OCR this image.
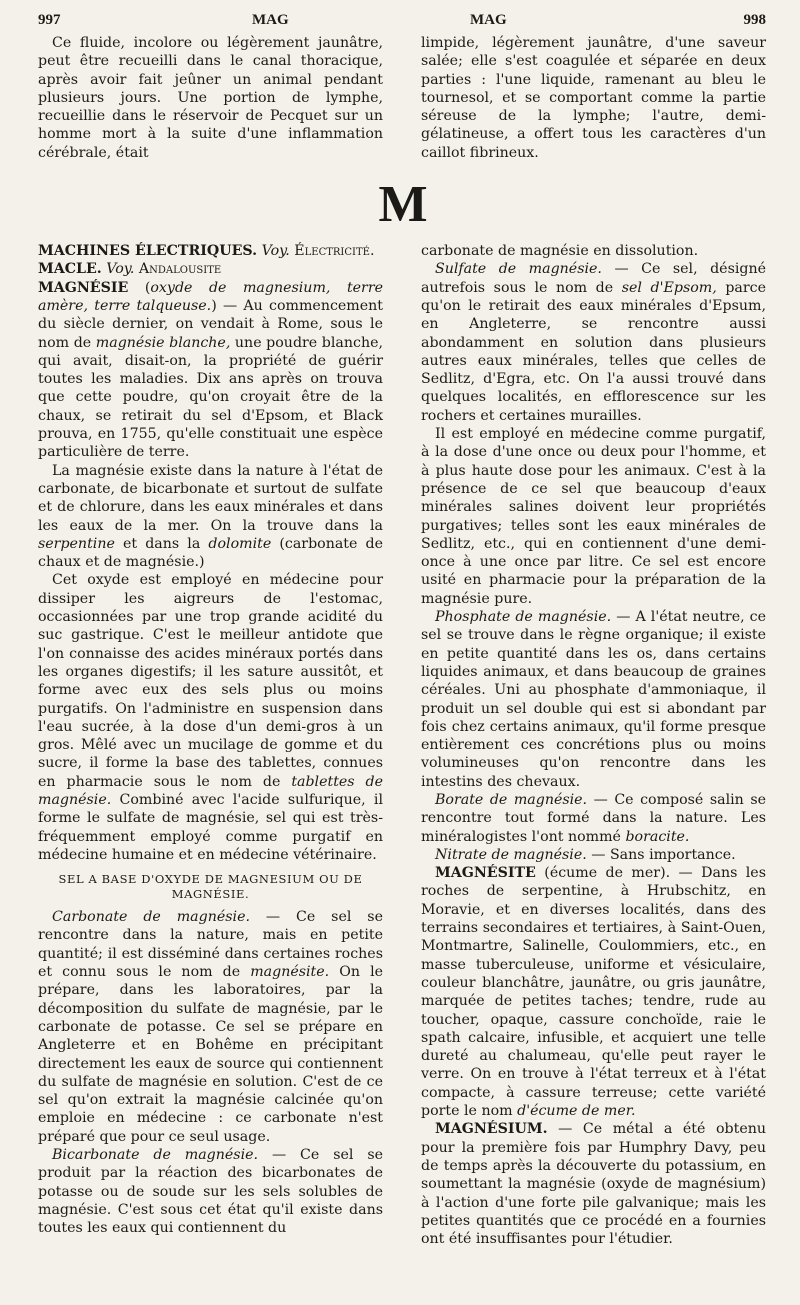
997	MAG	MAG	998

Ce fluide, incolore ou légèrement jaunâtre, peut être recueilli dans le canal thoracique, après avoir fait jeûner un animal pendant plusieurs jours. Une portion de lymphe, recueillie dans le réservoir de Pecquet sur un homme mort à la suite d'une inflammation cérébrale, était

limpide, légèrement jaunâtre, d'une saveur salée; elle s'est coagulée et séparée en deux parties : l'une liquide, ramenant au bleu le tournesol, et se comportant comme la partie séreuse de la lymphe; l'autre, demi-gélatineuse, a offert tous les caractères d'un caillot fibrineux.

M

MACHINES ÉLECTRIQUES. Voy. Électricité.

MACLE. Voy. Andalousite

MAGNÉSIE (oxyde de magnesium, terre amère, terre talqueuse.) — Au commencement du siècle dernier, on vendait à Rome, sous le nom de magnésie blanche, une poudre blanche, qui avait, disait-on, la propriété de guérir toutes les maladies. Dix ans après on trouva que cette poudre, qu'on croyait être de la chaux, se retirait du sel d'Epsom, et Black prouva, en 1755, qu'elle constituait une espèce particulière de terre.

La magnésie existe dans la nature à l'état de carbonate, de bicarbonate et surtout de sulfate et de chlorure, dans les eaux minérales et dans les eaux de la mer. On la trouve dans la serpentine et dans la dolomite (carbonate de chaux et de magnésie.)

Cet oxyde est employé en médecine pour dissiper les aigreurs de l'estomac, occasionnées par une trop grande acidité du suc gastrique. C'est le meilleur antidote que l'on connaisse des acides minéraux portés dans les organes digestifs; il les sature aussitôt, et forme avec eux des sels plus ou moins purgatifs. On l'administre en suspension dans l'eau sucrée, à la dose d'un demi-gros à un gros. Mêlé avec un mucilage de gomme et du sucre, il forme la base des tablettes, connues en pharmacie sous le nom de tablettes de magnésie. Combiné avec l'acide sulfurique, il forme le sulfate de magnésie, sel qui est très-fréquemment employé comme purgatif en médecine humaine et en médecine vétérinaire.

SEL A BASE D'OXYDE DE MAGNESIUM OU DE MAGNÉSIE.

Carbonate de magnésie. — Ce sel se rencontre dans la nature, mais en petite quantité; il est disséminé dans certaines roches et connu sous le nom de magnésite. On le prépare, dans les laboratoires, par la décomposition du sulfate de magnésie, par le carbonate de potasse. Ce sel se prépare en Angleterre et en Bohême en précipitant directement les eaux de source qui contiennent du sulfate de magnésie en solution. C'est de ce sel qu'on extrait la magnésie calcinée qu'on emploie en médecine : ce carbonate n'est préparé que pour ce seul usage.

Bicarbonate de magnésie. — Ce sel se produit par la réaction des bicarbonates de potasse ou de soude sur les sels solubles de magnésie. C'est sous cet état qu'il existe dans toutes les eaux qui contiennent du

carbonate de magnésie en dissolution.

Sulfate de magnésie. — Ce sel, désigné autrefois sous le nom de sel d'Epsom, parce qu'on le retirait des eaux minérales d'Epsum, en Angleterre, se rencontre aussi abondamment en solution dans plusieurs autres eaux minérales, telles que celles de Sedlitz, d'Egra, etc. On l'a aussi trouvé dans quelques localités, en efflorescence sur les rochers et certaines murailles.

Il est employé en médecine comme purgatif, à la dose d'une once ou deux pour l'homme, et à plus haute dose pour les animaux. C'est à la présence de ce sel que beaucoup d'eaux minérales salines doivent leur propriétés purgatives; telles sont les eaux minérales de Sedlitz, etc., qui en contiennent d'une demi-once à une once par litre. Ce sel est encore usité en pharmacie pour la préparation de la magnésie pure.

Phosphate de magnésie. — A l'état neutre, ce sel se trouve dans le règne organique; il existe en petite quantité dans les os, dans certains liquides animaux, et dans beaucoup de graines céréales. Uni au phosphate d'ammoniaque, il produit un sel double qui est si abondant par fois chez certains animaux, qu'il forme presque entièrement ces concrétions plus ou moins volumineuses qu'on rencontre dans les intestins des chevaux.

Borate de magnésie. — Ce composé salin se rencontre tout formé dans la nature. Les minéralogistes l'ont nommé boracite.

Nitrate de magnésie. — Sans importance.

MAGNÉSITE (écume de mer). — Dans les roches de serpentine, à Hrubschitz, en Moravie, et en diverses localités, dans des terrains secondaires et tertiaires, à Saint-Ouen, Montmartre, Salinelle, Coulommiers, etc., en masse tuberculeuse, uniforme et vésiculaire, couleur blanchâtre, jaunâtre, ou gris jaunâtre, marquée de petites taches; tendre, rude au toucher, opaque, cassure conchoïde, raie le spath calcaire, infusible, et acquiert une telle dureté au chalumeau, qu'elle peut rayer le verre. On en trouve à l'état terreux et à l'état compacte, à cassure terreuse; cette variété porte le nom d'écume de mer.

MAGNÉSIUM. — Ce métal a été obtenu pour la première fois par Humphry Davy, peu de temps après la découverte du potassium, en soumettant la magnésie (oxyde de magnésium) à l'action d'une forte pile galvanique; mais les petites quantités que ce procédé en a fournies ont été insuffisantes pour l'étudier.
